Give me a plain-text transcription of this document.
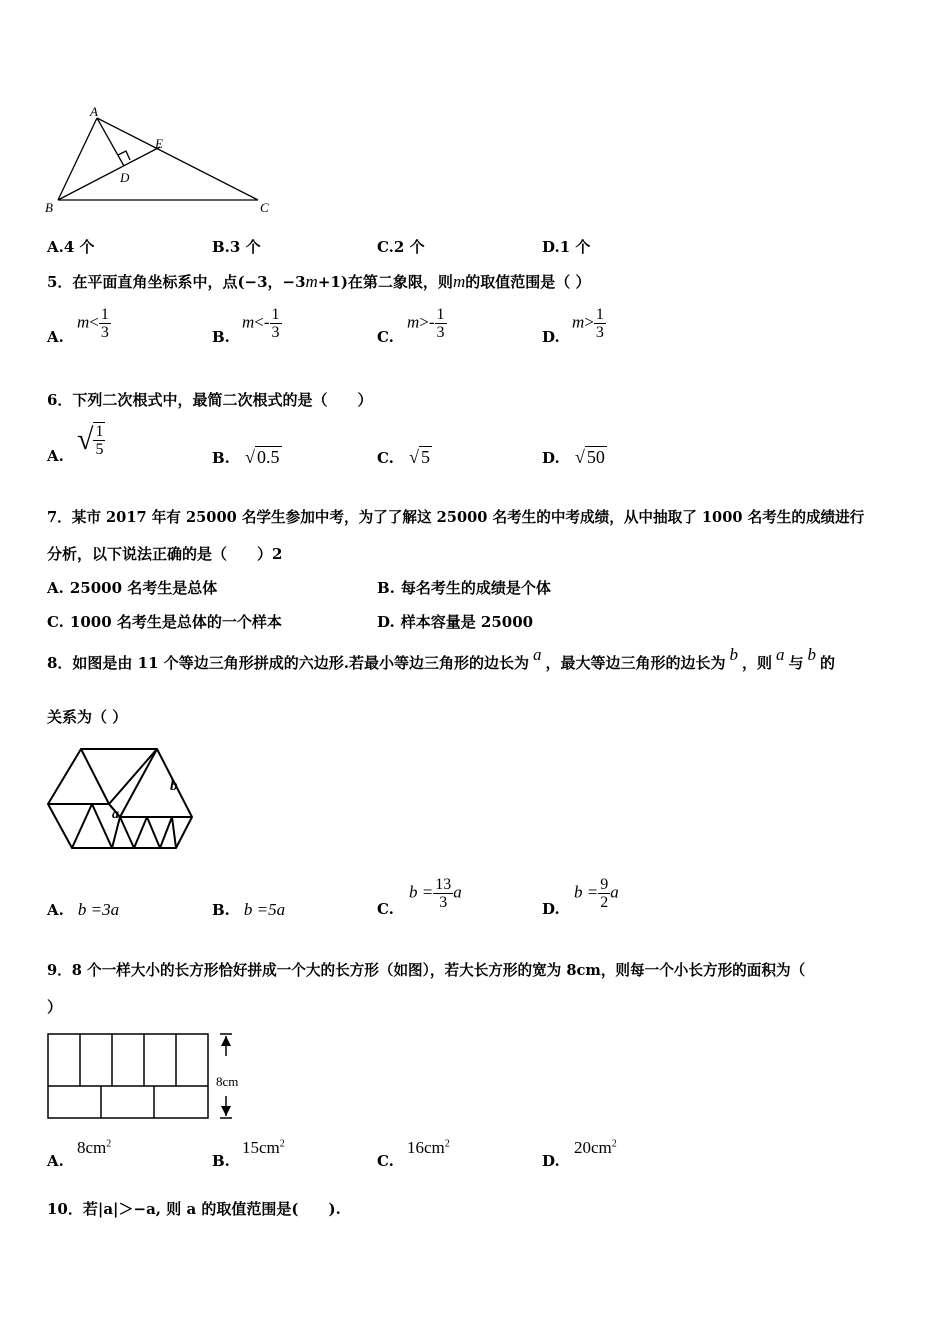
A
E
D
B	C
A.4 个	B.3 个	C.2 个	D.1 个
5．在平面直角坐标系中，点(−3，−3m+1)在第二象限，则m的取值范围是（ ）
A.
$m< \frac{1}{3}$	B.
$m<- \frac{1}{3}$	C.
$m>- \frac{1}{3}$	D.
$m> \frac{1}{3}$
6．下列二次根式中，最简二次根式的是（　　）
A. √ $\frac{1}{5}$	B. √ 0.5	C. √ 5	D. √ 50
7．某市 2017 年有 25000 名学生参加中考，为了了解这 25000 名考生的中考成绩，从中抽取了 1000 名考生的成绩进行
分析，以下说法正确的是（　　）2
A. 25000 名考生是总体	B. 每名考生的成绩是个体
C. 1000 名考生是总体的一个样本	D. 样本容量是 25000
8．如图是由 11 个等边三角形拼成的六边形.若最小等边三角形的边长为 a ，最大等边三角形的边长为 b ，则 a 与 b 的
关系为（ ）
b
a
A. b =3a	B. b =5a	C.
$b = \frac{13}{3}$ a
D.
$b = \frac{9}{2}$ a
9．8 个一样大小的长方形恰好拼成一个大的长方形（如图），若大长方形的宽为 8cm，则每一个小长方形的面积为（
）
8cm
A.
$8cm^2$
B.
$15cm^2$
C.
$16cm^2$
D.
$20cm^2$
10．若|a|＞−a, 则 a 的取值范围是(　　).
